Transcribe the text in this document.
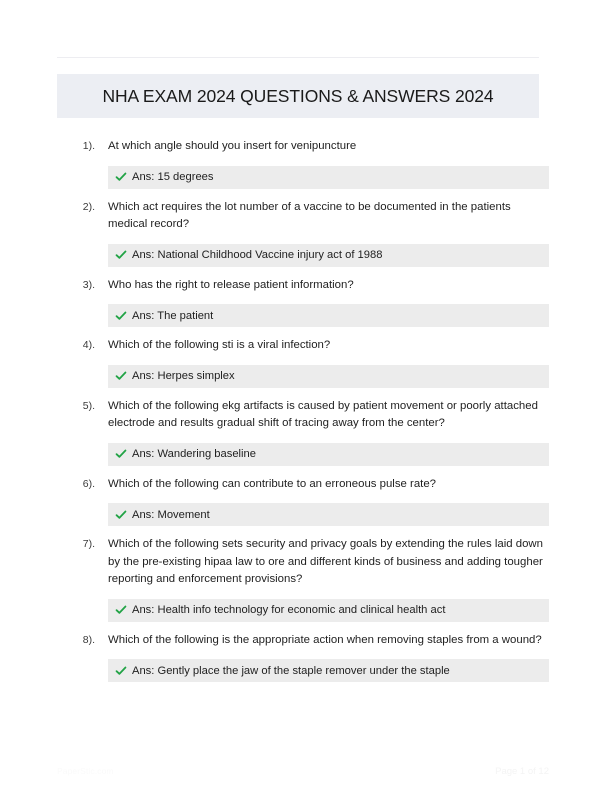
NHA EXAM 2024 QUESTIONS & ANSWERS 2024
1). At which angle should you insert for venipuncture
Ans: 15 degrees
2). Which act requires the lot number of a vaccine to be documented in the patients medical record?
Ans: National Childhood Vaccine injury act of 1988
3). Who has the right to release patient information?
Ans: The patient
4). Which of the following sti is a viral infection?
Ans: Herpes simplex
5). Which of the following ekg artifacts is caused by patient movement or poorly attached electrode and results gradual shift of tracing away from the center?
Ans: Wandering baseline
6). Which of the following can contribute to an erroneous pulse rate?
Ans: Movement
7). Which of the following sets security and privacy goals by extending the rules laid down by the pre-existing hipaa law to ore and different kinds of business and adding tougher reporting and enforcement provisions?
Ans: Health info technology for economic and clinical health act
8). Which of the following is the appropriate action when removing staples from a wound?
Ans: Gently place the jaw of the staple remover under the staple
PaperStic.com	Page 1 of 12
